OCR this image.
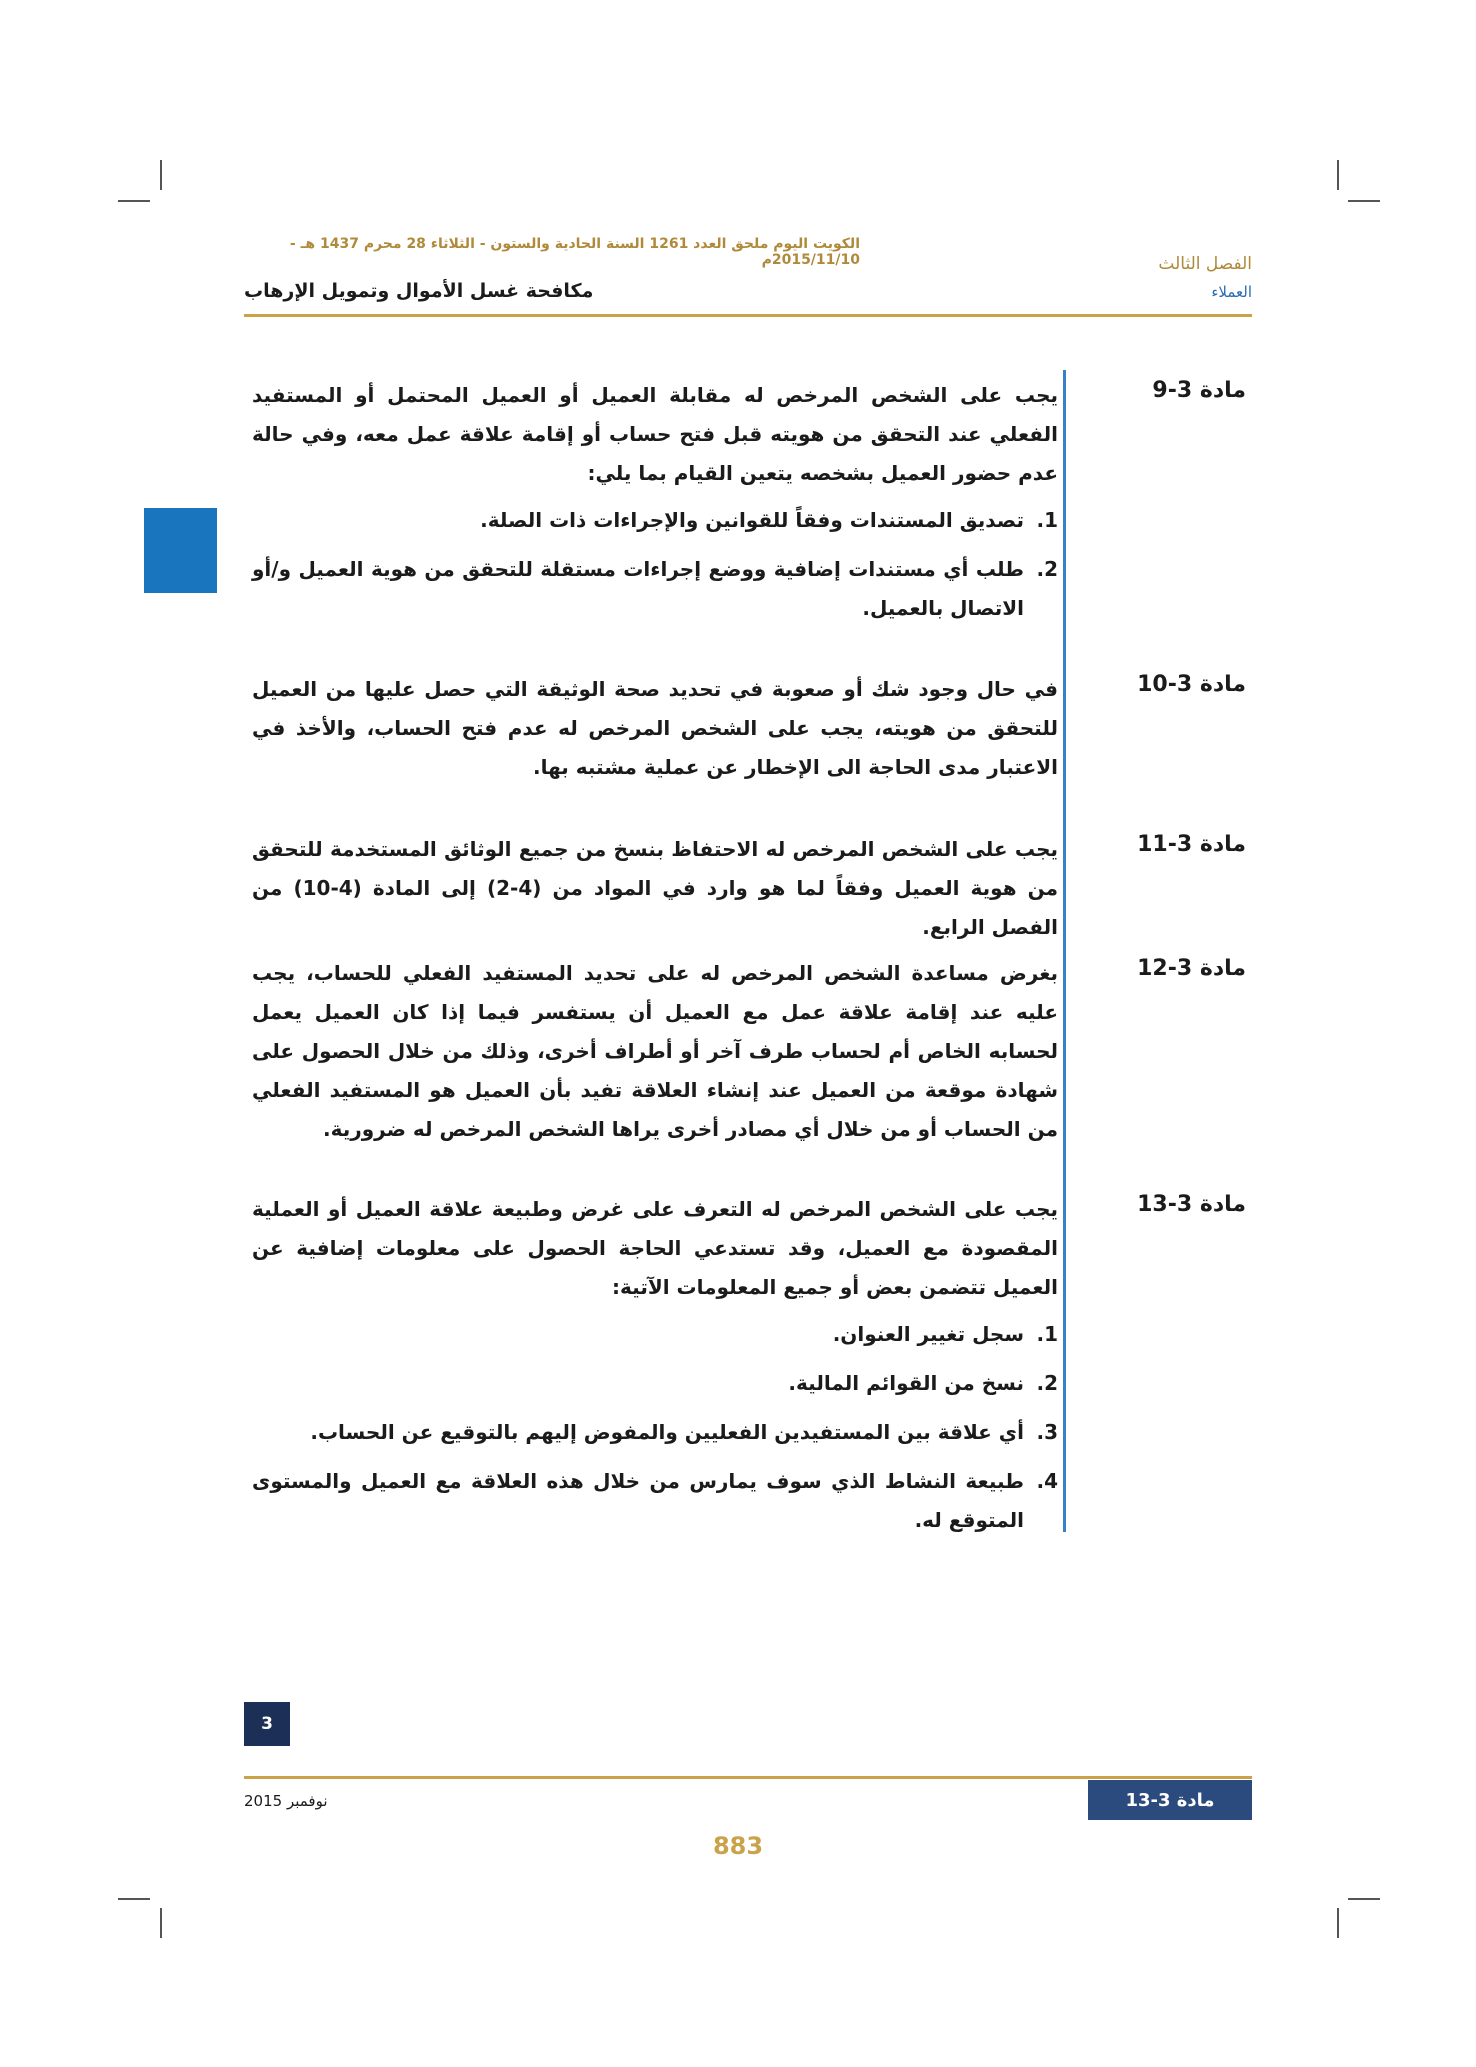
الكويت اليوم ملحق العدد 1261 السنة الحادية والستون - الثلاثاء 28 محرم 1437 هـ - 2015/11/10م	الفصل الثالث
العملاء
مكافحة غسل الأموال وتمويل الإرهاب
مادة 3-9

يجب على الشخص المرخص له مقابلة العميل أو العميل المحتمل أو المستفيد الفعلي عند التحقق من هويته قبل فتح حساب أو إقامة علاقة عمل معه، وفي حالة عدم حضور العميل بشخصه يتعين القيام بما يلي:

1.
تصديق المستندات وفقاً للقوانين والإجراءات ذات الصلة.
2.
طلب أي مستندات إضافية ووضع إجراءات مستقلة للتحقق من هوية العميل و/أو الاتصال بالعميل.
مادة 3-10

في حال وجود شك أو صعوبة في تحديد صحة الوثيقة التي حصل عليها من العميل للتحقق من هويته، يجب على الشخص المرخص له عدم فتح الحساب، والأخذ في الاعتبار مدى الحاجة الى الإخطار عن عملية مشتبه بها.

مادة 3-11

يجب على الشخص المرخص له الاحتفاظ بنسخ من جميع الوثائق المستخدمة للتحقق من هوية العميل وفقاً لما هو وارد في المواد من (4-2) إلى المادة (4-10) من الفصل الرابع.

مادة 3-12

بغرض مساعدة الشخص المرخص له على تحديد المستفيد الفعلي للحساب، يجب عليه عند إقامة علاقة عمل مع العميل أن يستفسر فيما إذا كان العميل يعمل لحسابه الخاص أم لحساب طرف آخر أو أطراف أخرى، وذلك من خلال الحصول على شهادة موقعة من العميل عند إنشاء العلاقة تفيد بأن العميل هو المستفيد الفعلي من الحساب أو من خلال أي مصادر أخرى يراها الشخص المرخص له ضرورية.

مادة 3-13

يجب على الشخص المرخص له التعرف على غرض وطبيعة علاقة العميل أو العملية المقصودة مع العميل، وقد تستدعي الحاجة الحصول على معلومات إضافية عن العميل تتضمن بعض أو جميع المعلومات الآتية:

1.
سجل تغيير العنوان.
2.
نسخ من القوائم المالية.
3.
أي علاقة بين المستفيدين الفعليين والمفوض إليهم بالتوقيع عن الحساب.
4.
طبيعة النشاط الذي سوف يمارس من خلال هذه العلاقة مع العميل والمستوى المتوقع له.
3
نوفمبر 2015	مادة 3-13
883
